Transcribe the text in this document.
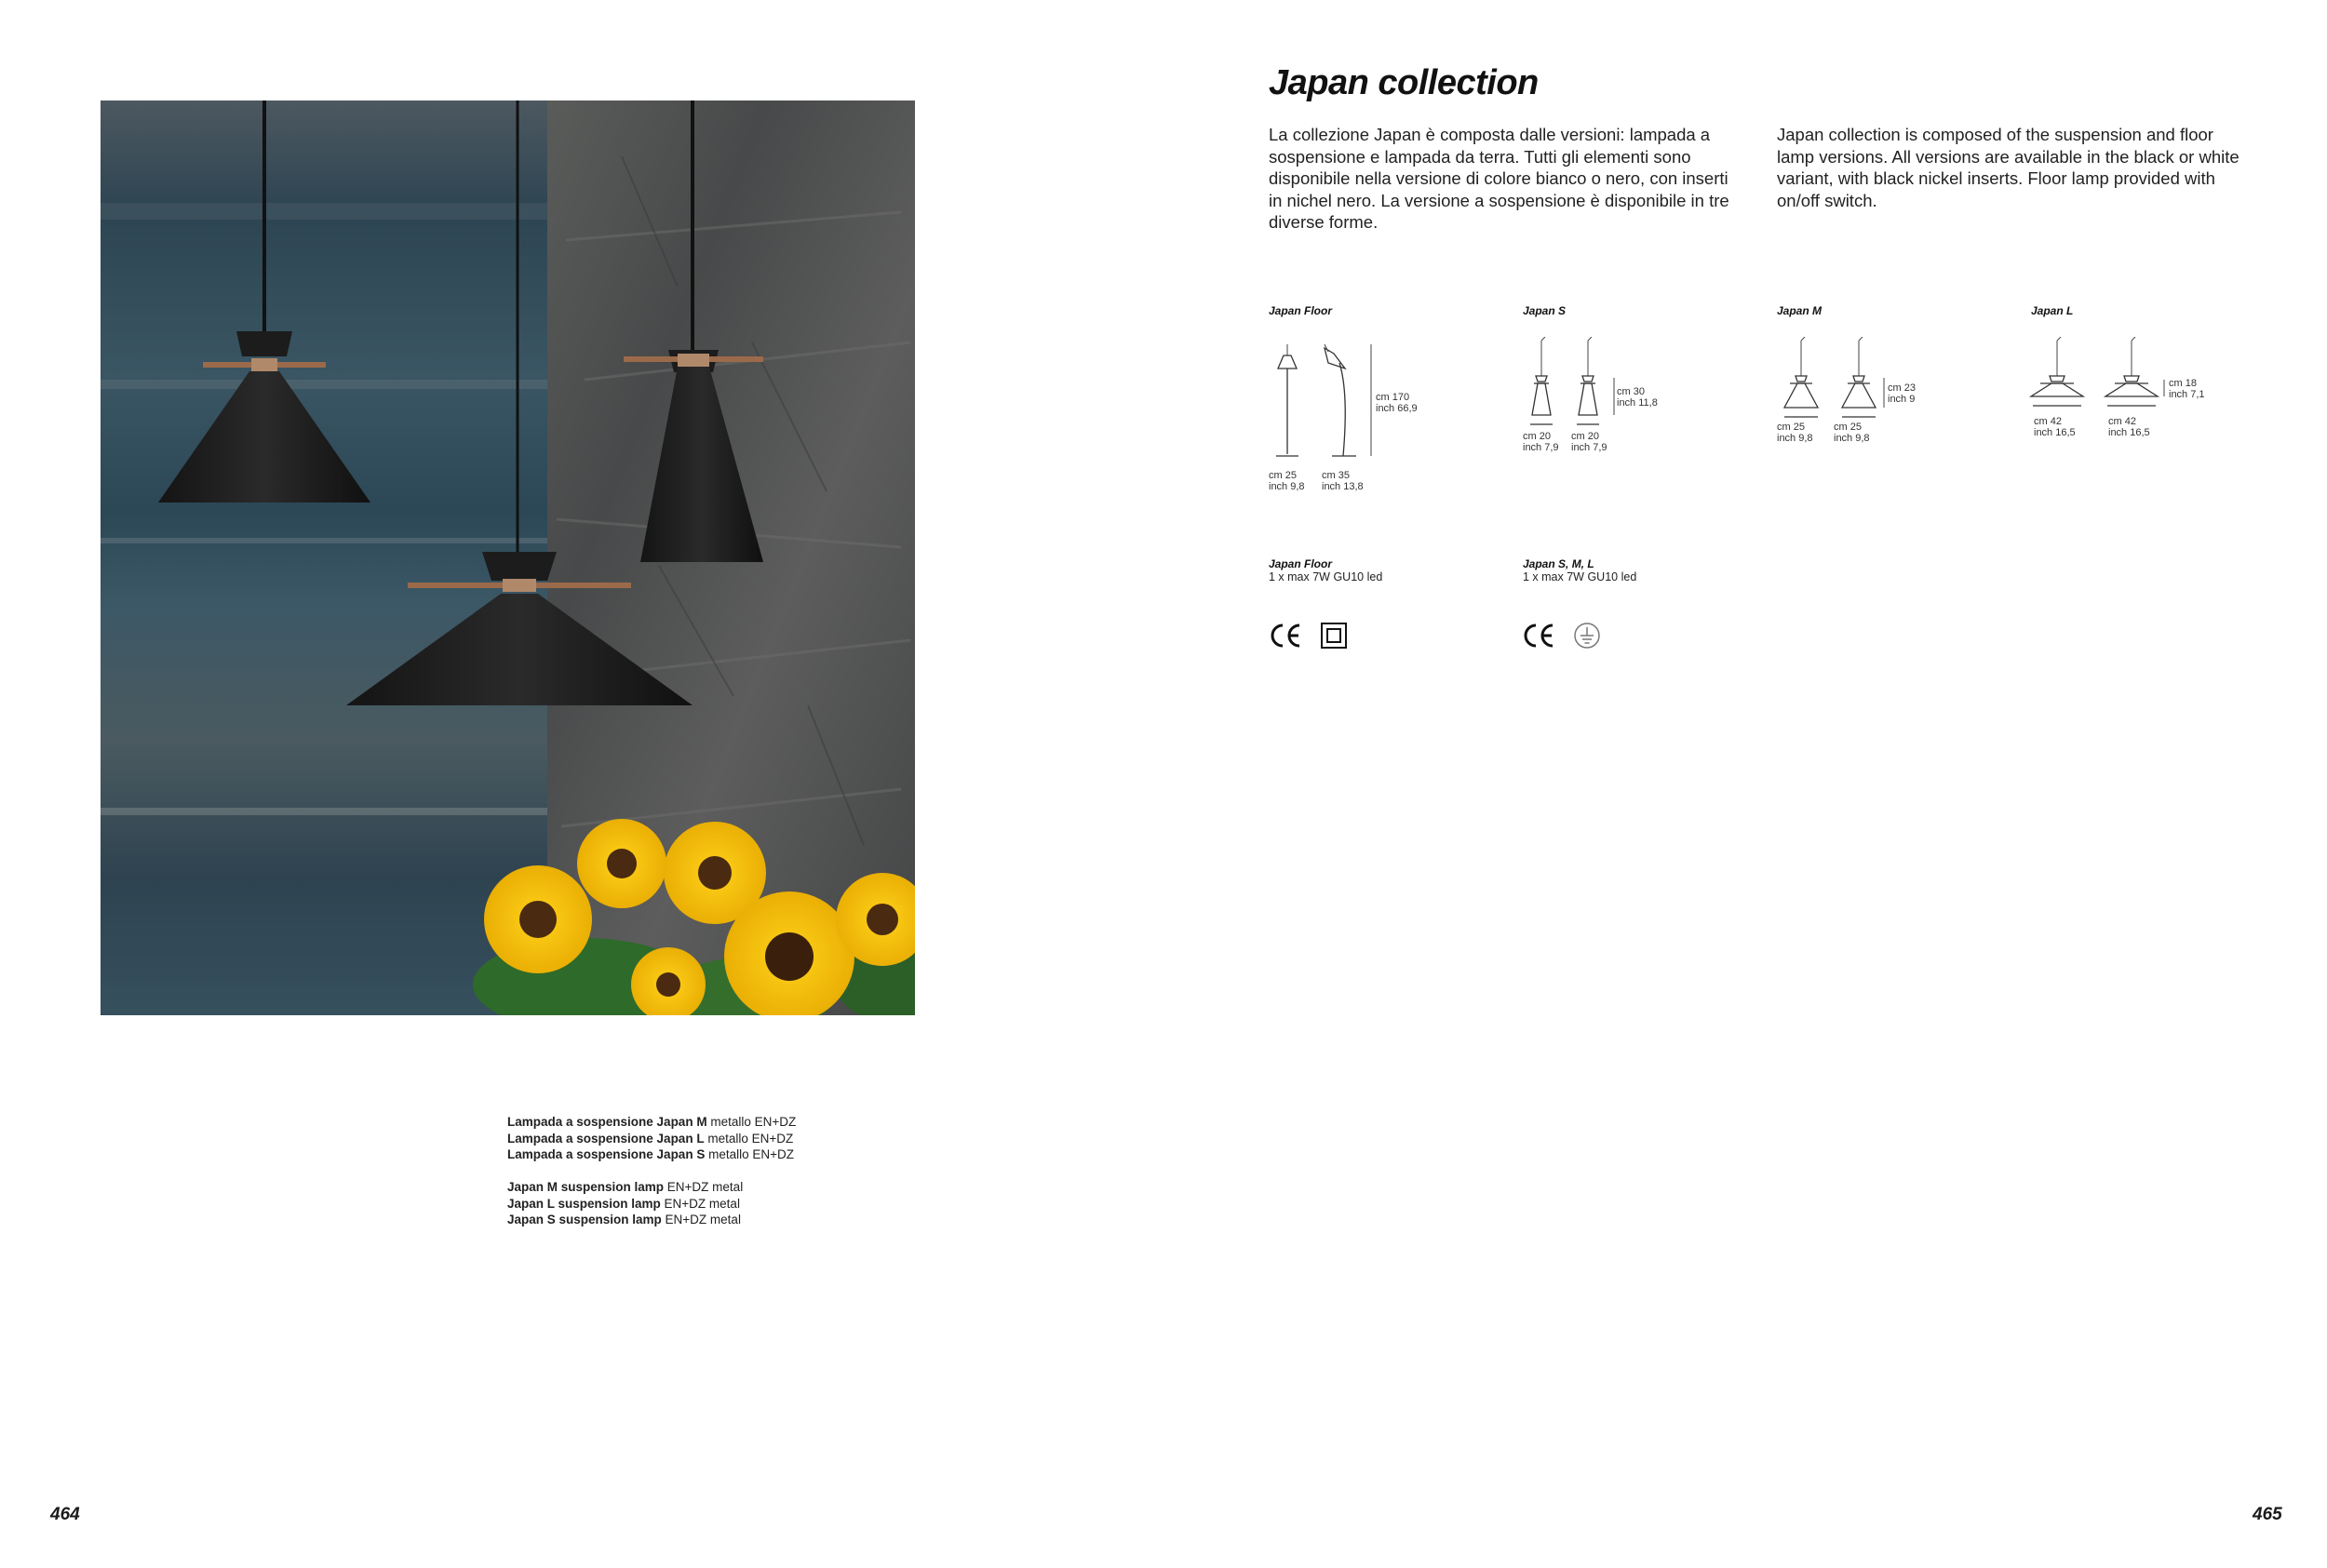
Lampada a sospensione Japan M metallo EN+DZ
Lampada a sospensione Japan L metallo EN+DZ
Lampada a sospensione Japan S metallo EN+DZ
Japan M suspension lamp EN+DZ metal
Japan L suspension lamp EN+DZ metal
Japan S suspension lamp EN+DZ metal
464
Japan collection
La collezione Japan è composta dalle versioni: lampada a sospensione e lampada da terra. Tutti gli elementi sono disponibile nella versione di colore bianco o nero, con inserti in nichel nero. La versione a sospensione è disponibile in tre diverse forme.
Japan collection is composed of the suspension and floor lamp versions. All versions are available in the black or white variant, with black nickel inserts. Floor lamp provided with on/off switch.
Japan Floor
cm 170
inch 66,9
cm 25
inch 9,8
cm 35
inch 13,8
Japan S
cm 30
inch 11,8
cm 20
inch 7,9
cm 20
inch 7,9
Japan M
cm 23
inch 9
cm 25
inch 9,8
cm 25
inch 9,8
Japan L
cm 18
inch 7,1
cm 42
inch 16,5
cm 42
inch 16,5
Japan Floor
1 x max 7W GU10 led
Japan S, M, L
1 x max 7W GU10 led
465
